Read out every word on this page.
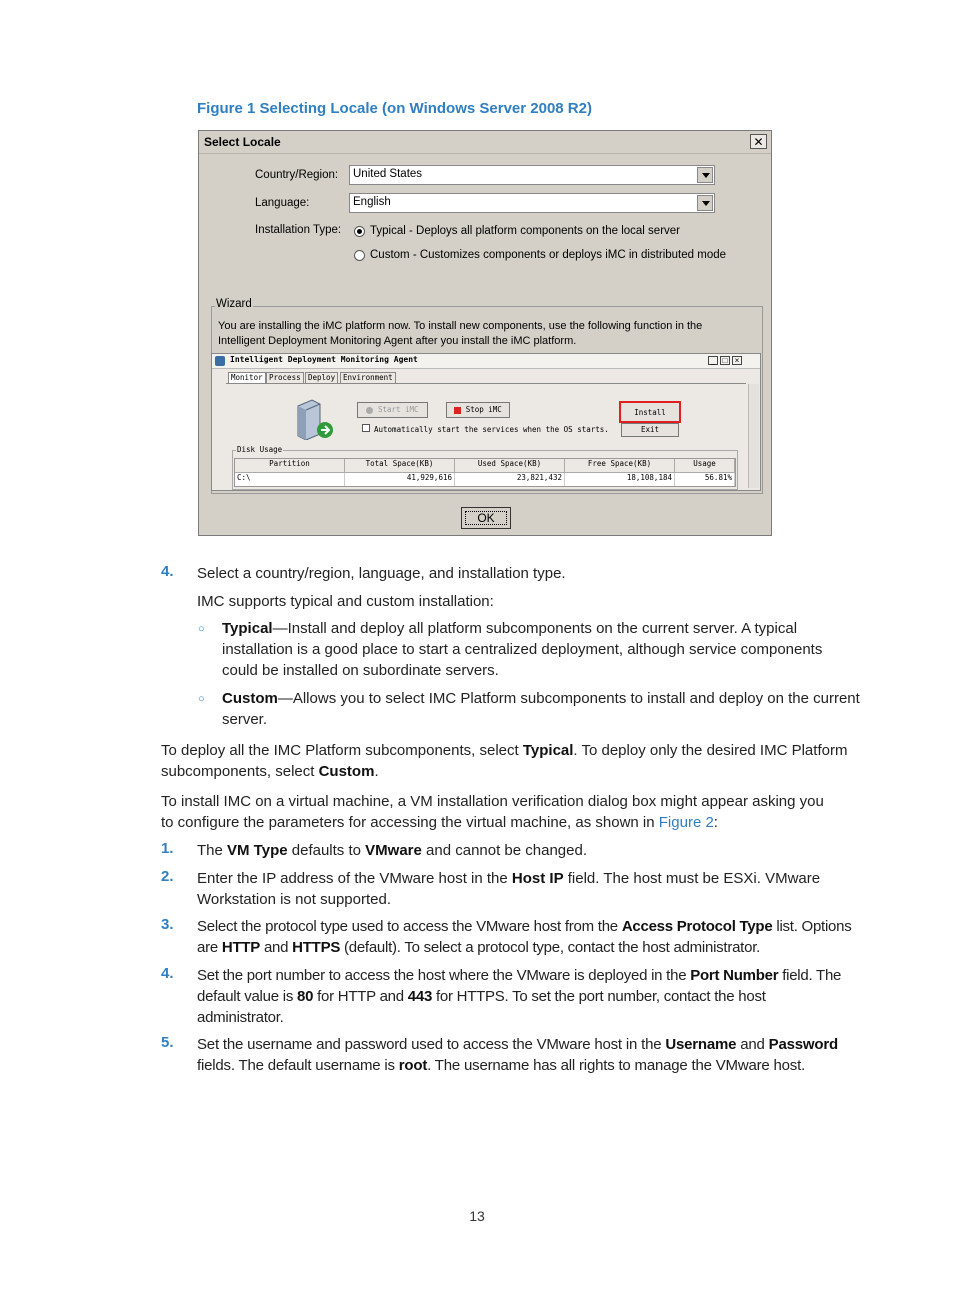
Figure 1 Selecting Locale (on Windows Server 2008 R2)
Select Locale	✕
Country/Region: United States
Language:	English
Installation Type:	Typical - Deploys all platform components on the local server
Custom - Customizes components or deploys iMC in distributed mode
Wizard
You are installing the iMC platform now. To install new components, use the following function in the Intelligent Deployment Monitoring Agent after you install the iMC platform.
Intelligent Deployment Monitoring Agent	_ □ ×
Monitor Process Deploy	Environment
Start iMC	Stop iMC	Install
Exit
Automatically start the services when the OS starts.
Disk Usage
Partition	Total Space(KB)	Used Space(KB)	Free Space(KB)	Usage
C:\	41,929,616	23,821,432	18,108,184	56.81%
OK
4. Select a country/region, language, and installation type.
IMC supports typical and custom installation:
○ Typical—Install and deploy all platform subcomponents on the current server. A typical
installation is a good place to start a centralized deployment, although service components
could be installed on subordinate servers.
○ Custom—Allows you to select IMC Platform subcomponents to install and deploy on the current
server.
To deploy all the IMC Platform subcomponents, select Typical. To deploy only the desired IMC Platform
subcomponents, select Custom.
To install IMC on a virtual machine, a VM installation verification dialog box might appear asking you
to configure the parameters for accessing the virtual machine, as shown in Figure 2:
1. The VM Type defaults to VMware and cannot be changed.
2. Enter the IP address of the VMware host in the Host IP field. The host must be ESXi. VMware
Workstation is not supported.
3. Select the protocol type used to access the VMware host from the Access Protocol Type list. Options
are HTTP and HTTPS (default). To select a protocol type, contact the host administrator.
4. Set the port number to access the host where the VMware is deployed in the Port Number field. The
default value is 80 for HTTP and 443 for HTTPS. To set the port number, contact the host
administrator.
5. Set the username and password used to access the VMware host in the Username and Password
fields. The default username is root. The username has all rights to manage the VMware host.
13
